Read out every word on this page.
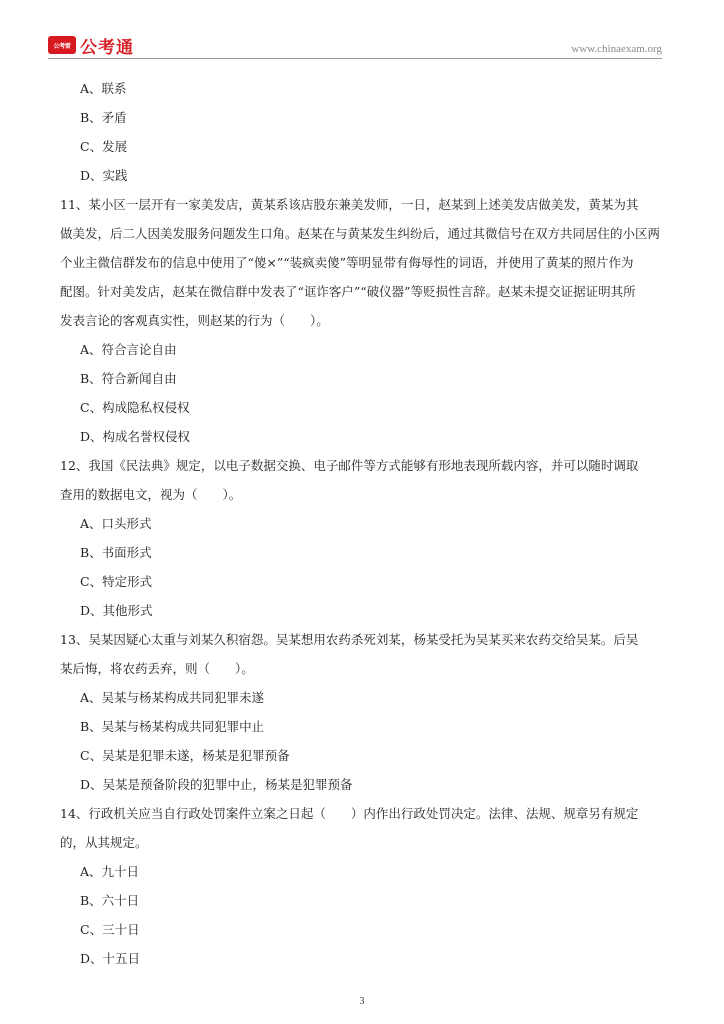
公考雷 公考通	www.chinaexam.org
A、联系
B、矛盾
C、发展
D、实践
11、某小区一层开有一家美发店，黄某系该店股东兼美发师，一日，赵某到上述美发店做美发，黄某为其
做美发，后二人因美发服务问题发生口角。赵某在与黄某发生纠纷后，通过其微信号在双方共同居住的小区两
个业主微信群发布的信息中使用了“傻×”“装疯卖傻”等明显带有侮辱性的词语，并使用了黄某的照片作为
配图。针对美发店，赵某在微信群中发表了“诓诈客户”“破仪器”等贬损性言辞。赵某未提交证据证明其所
发表言论的客观真实性，则赵某的行为（　　）。
A、符合言论自由
B、符合新闻自由
C、构成隐私权侵权
D、构成名誉权侵权
12、我国《民法典》规定，以电子数据交换、电子邮件等方式能够有形地表现所载内容，并可以随时调取
查用的数据电文，视为（　　）。
A、口头形式
B、书面形式
C、特定形式
D、其他形式
13、吴某因疑心太重与刘某久积宿怨。吴某想用农药杀死刘某，杨某受托为吴某买来农药交给吴某。后吴
某后悔，将农药丢弃，则（　　）。
A、吴某与杨某构成共同犯罪未遂
B、吴某与杨某构成共同犯罪中止
C、吴某是犯罪未遂，杨某是犯罪预备
D、吴某是预备阶段的犯罪中止，杨某是犯罪预备
14、行政机关应当自行政处罚案件立案之日起（　　）内作出行政处罚决定。法律、法规、规章另有规定
的，从其规定。
A、九十日
B、六十日
C、三十日
D、十五日
3
